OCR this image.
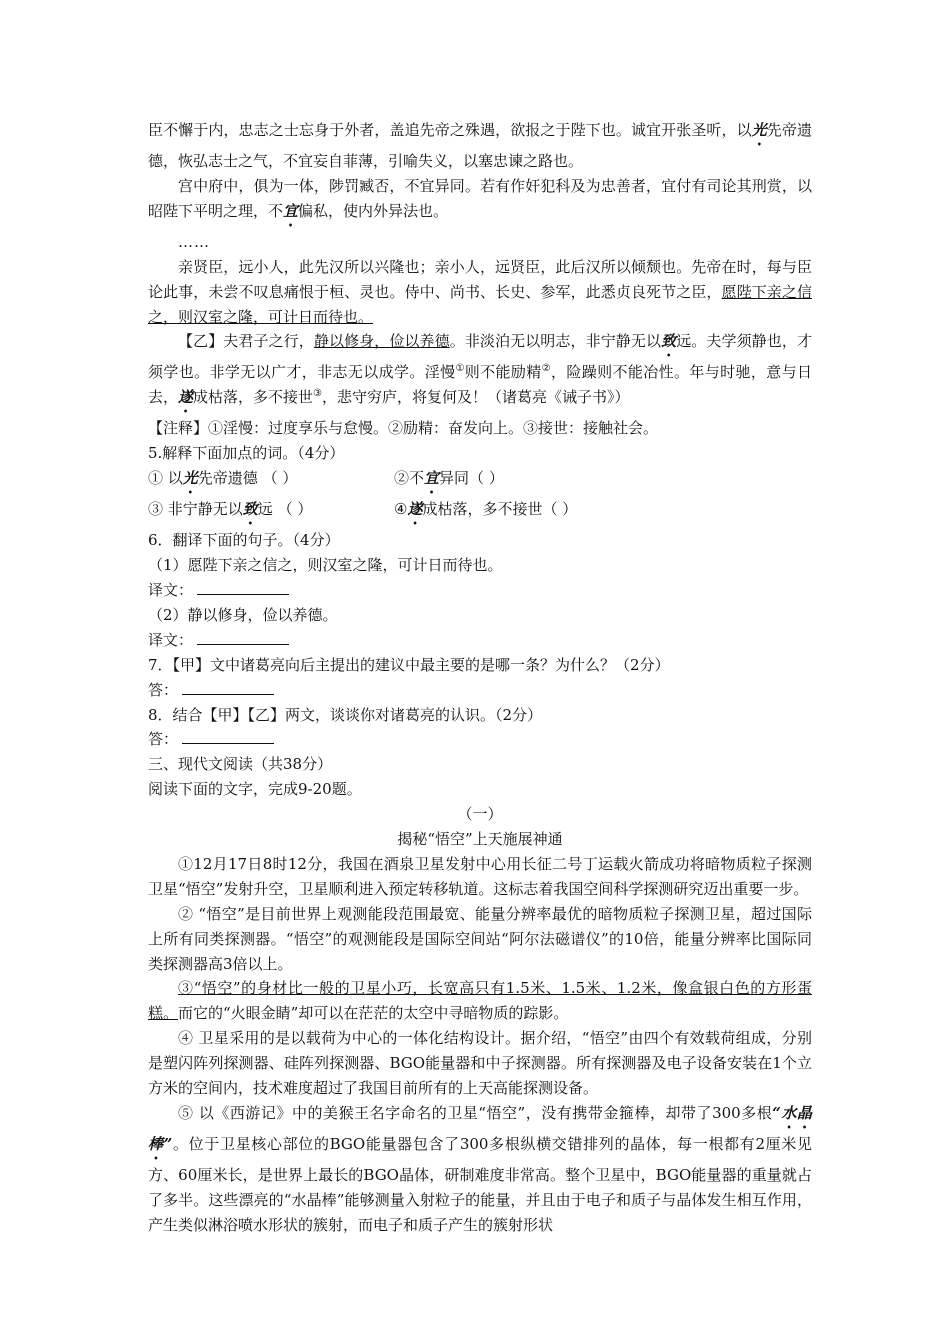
臣不懈于内，忠志之士忘身于外者，盖追先帝之殊遇，欲报之于陛下也。诚宜开张圣听，以光先帝遗德，恢弘志士之气，不宜妄自菲薄，引喻失义，以塞忠谏之路也。

宫中府中，俱为一体，陟罚臧否，不宜异同。若有作奸犯科及为忠善者，宜付有司论其刑赏，以昭陛下平明之理，不宜偏私，使内外异法也。

……

亲贤臣，远小人，此先汉所以兴隆也；亲小人，远贤臣，此后汉所以倾颓也。先帝在时，每与臣论此事，未尝不叹息痛恨于桓、灵也。侍中、尚书、长史、参军，此悉贞良死节之臣，愿陛下亲之信之，则汉室之隆，可计日而待也。

【乙】夫君子之行，静以修身，俭以养德。非淡泊无以明志，非宁静无以致远。夫学须静也，才须学也。非学无以广才，非志无以成学。淫慢①则不能励精②，险躁则不能冶性。年与时驰，意与日去，遂成枯落，多不接世③，悲守穷庐，将复何及！（诸葛亮《诫子书》）

【注释】①淫慢：过度享乐与怠慢。②励精：奋发向上。③接世：接触社会。

5.解释下面加点的词。（4分）

① 以光先帝遗德 （ ）	②不宜异同（ ）
③ 非宁静无以致远 （ ）	④遂成枯落，多不接世（ ）

6．翻译下面的句子。（4分）

（1）愿陛下亲之信之，则汉室之隆，可计日而待也。

译文：

（2）静以修身，俭以养德。

译文：

7．【甲】文中诸葛亮向后主提出的建议中最主要的是哪一条？为什么？（2分）

答：

8．结合【甲】【乙】两文，谈谈你对诸葛亮的认识。（2分）

答：

三、现代文阅读（共38分）

阅读下面的文字，完成9-20题。

（一）

揭秘“悟空”上天施展神通

①12月17日8时12分，我国在酒泉卫星发射中心用长征二号丁运载火箭成功将暗物质粒子探测卫星“悟空”发射升空，卫星顺利进入预定转移轨道。这标志着我国空间科学探测研究迈出重要一步。

② “悟空”是目前世界上观测能段范围最宽、能量分辨率最优的暗物质粒子探测卫星，超过国际上所有同类探测器。“悟空”的观测能段是国际空间站“阿尔法磁谱仪”的10倍，能量分辨率比国际同类探测器高3倍以上。

③“悟空”的身材比一般的卫星小巧，长宽高只有1.5米、1.5米、1.2米，像盒银白色的方形蛋糕。而它的“火眼金睛”却可以在茫茫的太空中寻暗物质的踪影。

④ 卫星采用的是以载荷为中心的一体化结构设计。据介绍，“悟空”由四个有效载荷组成，分别是塑闪阵列探测器、硅阵列探测器、BGO能量器和中子探测器。所有探测器及电子设备安装在1个立方米的空间内，技术难度超过了我国目前所有的上天高能探测设备。

⑤ 以《西游记》中的美猴王名字命名的卫星“悟空”，没有携带金箍棒，却带了300多根“水晶棒”。位于卫星核心部位的BGO能量器包含了300多根纵横交错排列的晶体，每一根都有2厘米见方、60厘米长，是世界上最长的BGO晶体，研制难度非常高。整个卫星中，BGO能量器的重量就占了多半。这些漂亮的“水晶棒”能够测量入射粒子的能量，并且由于电子和质子与晶体发生相互作用，产生类似淋浴喷水形状的簇射，而电子和质子产生的簇射形状
